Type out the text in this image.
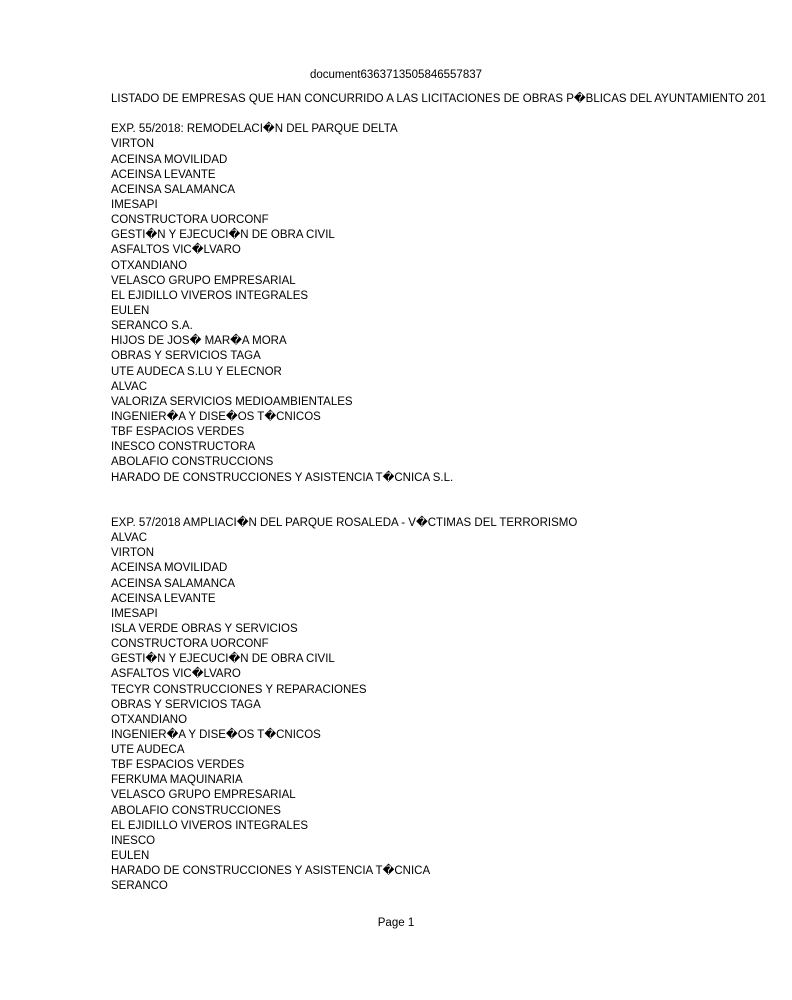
document6363713505846557837
LISTADO DE EMPRESAS QUE HAN CONCURRIDO A LAS LICITACIONES DE OBRAS P�BLICAS DEL AYUNTAMIENTO 201
EXP. 55/2018: REMODELACI�N DEL PARQUE DELTA
VIRTON
ACEINSA MOVILIDAD
ACEINSA LEVANTE
ACEINSA SALAMANCA
IMESAPI
CONSTRUCTORA UORCONF
GESTI�N Y EJECUCI�N DE OBRA CIVIL
ASFALTOS VIC�LVARO
OTXANDIANO
VELASCO GRUPO EMPRESARIAL
EL EJIDILLO VIVEROS INTEGRALES
EULEN
SERANCO S.A.
HIJOS DE JOS� MAR�A MORA
OBRAS Y SERVICIOS TAGA
UTE AUDECA S.LU Y ELECNOR
ALVAC
VALORIZA SERVICIOS MEDIOAMBIENTALES
INGENIER�A Y DISE�OS T�CNICOS
TBF ESPACIOS VERDES
INESCO CONSTRUCTORA
ABOLAFIO CONSTRUCCIONS
HARADO DE CONSTRUCCIONES Y ASISTENCIA T�CNICA S.L.
EXP. 57/2018 AMPLIACI�N DEL PARQUE ROSALEDA - V�CTIMAS DEL TERRORISMO
ALVAC
VIRTON
ACEINSA MOVILIDAD
ACEINSA SALAMANCA
ACEINSA LEVANTE
IMESAPI
ISLA VERDE OBRAS Y SERVICIOS
CONSTRUCTORA UORCONF
GESTI�N Y EJECUCI�N DE OBRA CIVIL
ASFALTOS VIC�LVARO
TECYR CONSTRUCCIONES Y REPARACIONES
OBRAS Y SERVICIOS TAGA
OTXANDIANO
INGENIER�A Y DISE�OS T�CNICOS
UTE AUDECA
TBF ESPACIOS VERDES
FERKUMA MAQUINARIA
VELASCO GRUPO EMPRESARIAL
ABOLAFIO CONSTRUCCIONES
EL EJIDILLO VIVEROS INTEGRALES
INESCO
EULEN
HARADO DE CONSTRUCCIONES Y ASISTENCIA T�CNICA
SERANCO
Page 1
